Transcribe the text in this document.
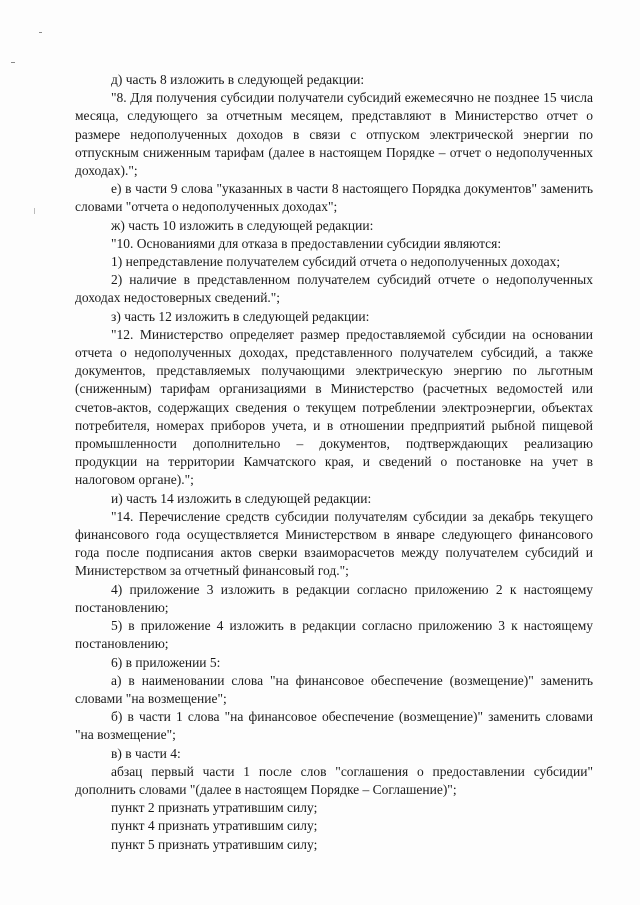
д) часть 8 изложить в следующей редакции:

"8. Для получения субсидии получатели субсидий ежемесячно не позднее 15 числа месяца, следующего за отчетным месяцем, представляют в Министерство отчет о размере недополученных доходов в связи с отпуском электрической энергии по отпускным сниженным тарифам (далее в настоящем Порядке – отчет о недополученных доходах).";

е) в части 9 слова "указанных в части 8 настоящего Порядка документов" заменить словами "отчета о недополученных доходах";

ж) часть 10 изложить в следующей редакции:

"10. Основаниями для отказа в предоставлении субсидии являются:

1) непредставление получателем субсидий отчета о недополученных доходах;

2) наличие в представленном получателем субсидий отчете о недополученных доходах недостоверных сведений.";

з) часть 12 изложить в следующей редакции:

"12. Министерство определяет размер предоставляемой субсидии на основании отчета о недополученных доходах, представленного получателем субсидий, а также документов, представляемых получающими электрическую энергию по льготным (сниженным) тарифам организациями в Министерство (расчетных ведомостей или счетов-актов, содержащих сведения о текущем потреблении электроэнергии, объектах потребителя, номерах приборов учета, и в отношении предприятий рыбной пищевой промышленности дополнительно – документов, подтверждающих реализацию продукции на территории Камчатского края, и сведений о постановке на учет в налоговом органе).";

и) часть 14 изложить в следующей редакции:

"14. Перечисление средств субсидии получателям субсидии за декабрь текущего финансового года осуществляется Министерством в январе следующего финансового года после подписания актов сверки взаиморасчетов между получателем субсидий и Министерством за отчетный финансовый год.";

4) приложение 3 изложить в редакции согласно приложению 2 к настоящему постановлению;

5) в приложение 4 изложить в редакции согласно приложению 3 к настоящему постановлению;

6) в приложении 5:

а) в наименовании слова "на финансовое обеспечение (возмещение)" заменить словами "на возмещение";

б) в части 1 слова "на финансовое обеспечение (возмещение)" заменить словами "на возмещение";

в) в части 4:

абзац первый части 1 после слов "соглашения о предоставлении субсидии" дополнить словами "(далее в настоящем Порядке – Соглашение)";

пункт 2 признать утратившим силу;

пункт 4 признать утратившим силу;

пункт 5 признать утратившим силу;
